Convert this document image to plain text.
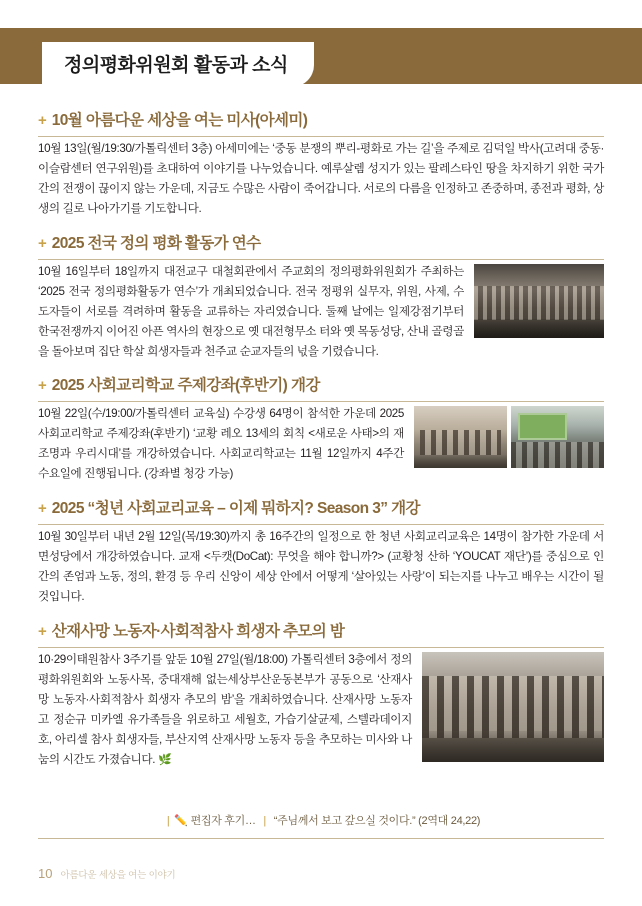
정의평화위원회 활동과 소식
+ 10월 아름다운 세상을 여는 미사(아세미)

10월 13일(월/19:30/가톨릭센터 3층) 아세미에는 ‘중동 분쟁의 뿌리-평화로 가는 길’을 주제로 김덕일 박사(고려대 중동·이슬람센터 연구위원)를 초대하여 이야기를 나누었습니다. 예루살렘 성지가 있는 팔레스타인 땅을 차지하기 위한 국가 간의 전쟁이 끊이지 않는 가운데, 지금도 수많은 사람이 죽어갑니다. 서로의 다름을 인정하고 존중하며, 종전과 평화, 상생의 길로 나아가기를 기도합니다.

+ 2025 전국 정의 평화 활동가 연수

10월 16일부터 18일까지 대전교구 대철회관에서 주교회의 정의평화위원회가 주최하는 ‘2025 전국 정의평화활동가 연수’가 개최되었습니다. 전국 정평위 실무자, 위원, 사제, 수도자들이 서로를 격려하며 활동을 교류하는 자리였습니다. 둘째 날에는 일제강점기부터 한국전쟁까지 이어진 아픈 역사의 현장으로 옛 대전형무소 터와 옛 목동성당, 산내 골령골을 돌아보며 집단 학살 희생자들과 천주교 순교자들의 넋을 기렸습니다.

+ 2025 사회교리학교 주제강좌(후반기) 개강

10월 22일(수/19:00/가톨릭센터 교육실) 수강생 64명이 참석한 가운데 2025 사회교리학교 주제강좌(후반기) ‘교황 레오 13세의 회칙 <새로운 사태>의 재조명과 우리시대’를 개강하였습니다. 사회교리학교는 11월 12일까지 4주간 수요일에 진행됩니다. (강좌별 청강 가능)

+ 2025 “청년 사회교리교육 – 이제 뭐하지? Season 3” 개강

10월 30일부터 내년 2월 12일(목/19:30)까지 총 16주간의 일정으로 한 청년 사회교리교육은 14명이 참가한 가운데 서면성당에서 개강하였습니다. 교재 <두캣(DoCat): 무엇을 해야 합니까?> (교황청 산하 ‘YOUCAT 재단’)를 중심으로 인간의 존엄과 노동, 정의, 환경 등 우리 신앙이 세상 안에서 어떻게 ‘살아있는 사랑’이 되는지를 나누고 배우는 시간이 될 것입니다.

+ 산재사망 노동자·사회적참사 희생자 추모의 밤

10·29이태원참사 3주기를 앞둔 10월 27일(월/18:00) 가톨릭센터 3층에서 정의평화위원회와 노동사목, 중대재해 없는세상부산운동본부가 공동으로 ‘산재사망 노동자·사회적참사 희생자 추모의 밤’을 개최하였습니다. 산재사망 노동자 고 정순규 미카엘 유가족들을 위로하고 세월호, 가습기살균제, 스텔라데이지호, 아리셀 참사 희생자들, 부산지역 산재사망 노동자 등을 추모하는 미사와 나눔의 시간도 가졌습니다. 🌿

| ✏️ 편집자 후기… | “주님께서 보고 갚으실 것이다.” (2역대 24,22)
10 아름다운 세상을 여는 이야기
